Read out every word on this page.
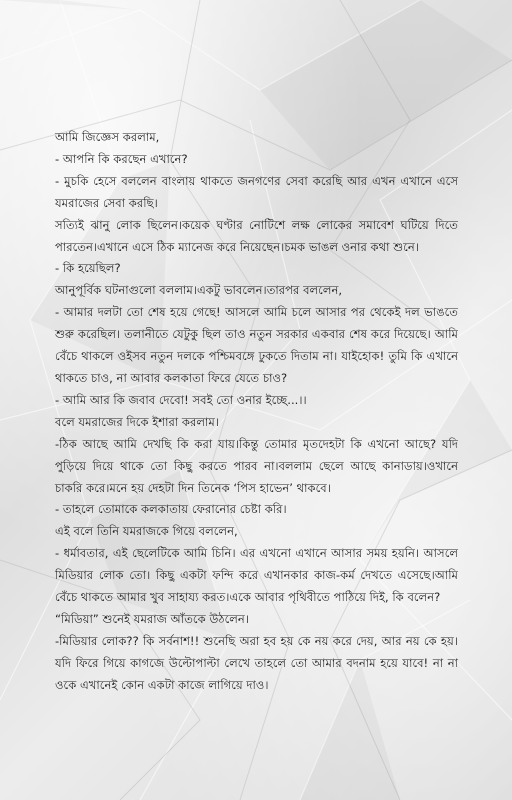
আমি জিজ্ঞেস করলাম,

- আপনি কি করছেন এখানে?

- মুচকি হেসে বললেন বাংলায় থাকতে জনগণের সেবা করেছি আর এখন এখানে এসে যমরাজের সেবা করছি।

সত্যিই ঝানু লোক ছিলেন।কয়েক ঘণ্টার নোটিশে লক্ষ লোকের সমাবেশ ঘটিয়ে দিতে পারতেন।এখানে এসে ঠিক ম্যানেজ করে নিয়েছেন।চমক ভাঙল ওনার কথা শুনে।

- কি হয়েছিল?

আনুপূর্বিক ঘটনাগুলো বললাম।একটু ভাবলেন।তারপর বললেন,

- আমার দলটা তো শেষ হয়ে গেছে! আসলে আমি চলে আসার পর থেকেই দল ভাঙতে শুরু করেছিল। তলানীতে যেটুকু ছিল তাও নতুন সরকার একবার শেষ করে দিয়েছে। আমি বেঁচে থাকলে ওইসব নতুন দলকে পশ্চিমবঙ্গে ঢুকতে দিতাম না। যাইহোক! তুমি কি এখানে থাকতে চাও, না আবার কলকাতা ফিরে যেতে চাও?

- আমি আর কি জবাব দেবো! সবই তো ওনার ইচ্ছে...।।

বলে যমরাজের দিকে ইশারা করলাম।

-ঠিক আছে আমি দেখছি কি করা যায়।কিন্তু তোমার মৃতদেহটা কি এখনো আছে? যদি পুড়িয়ে দিয়ে থাকে তো কিছু করতে পারব না।বললাম ছেলে আছে কানাডায়।ওখানে চাকরি করে।মনে হয় দেহটা দিন তিনেক ‘পিস হাভেন’ থাকবে।

- তাহলে তোমাকে কলকাতায় ফেরানোর চেষ্টা করি।

এই বলে তিনি যমরাজকে গিয়ে বললেন,

- ধর্মাবতার, এই ছেলেটিকে আমি চিনি। এর এখনো এখানে আসার সময় হয়নি। আসলে মিডিয়ার লোক তো। কিছু একটা ফন্দি করে এখানকার কাজ-কর্ম দেখতে এসেছে।আমি বেঁচে থাকতে আমার খুব সাহায্য করত।একে আবার পৃথিবীতে পাঠিয়ে দিই, কি বলেন?

“মিডিয়া” শুনেই যমরাজ আঁতকে উঠলেন।

-মিডিয়ার লোক?? কি সর্বনাশ!! শুনেছি অরা হব হয় কে নয় করে দেয়, আর নয় কে হয়। যদি ফিরে গিয়ে কাগজে উল্টোপাল্টা লেখে তাহলে তো আমার বদনাম হয়ে যাবে! না না ওকে এখানেই কোন একটা কাজে লাগিয়ে দাও।
